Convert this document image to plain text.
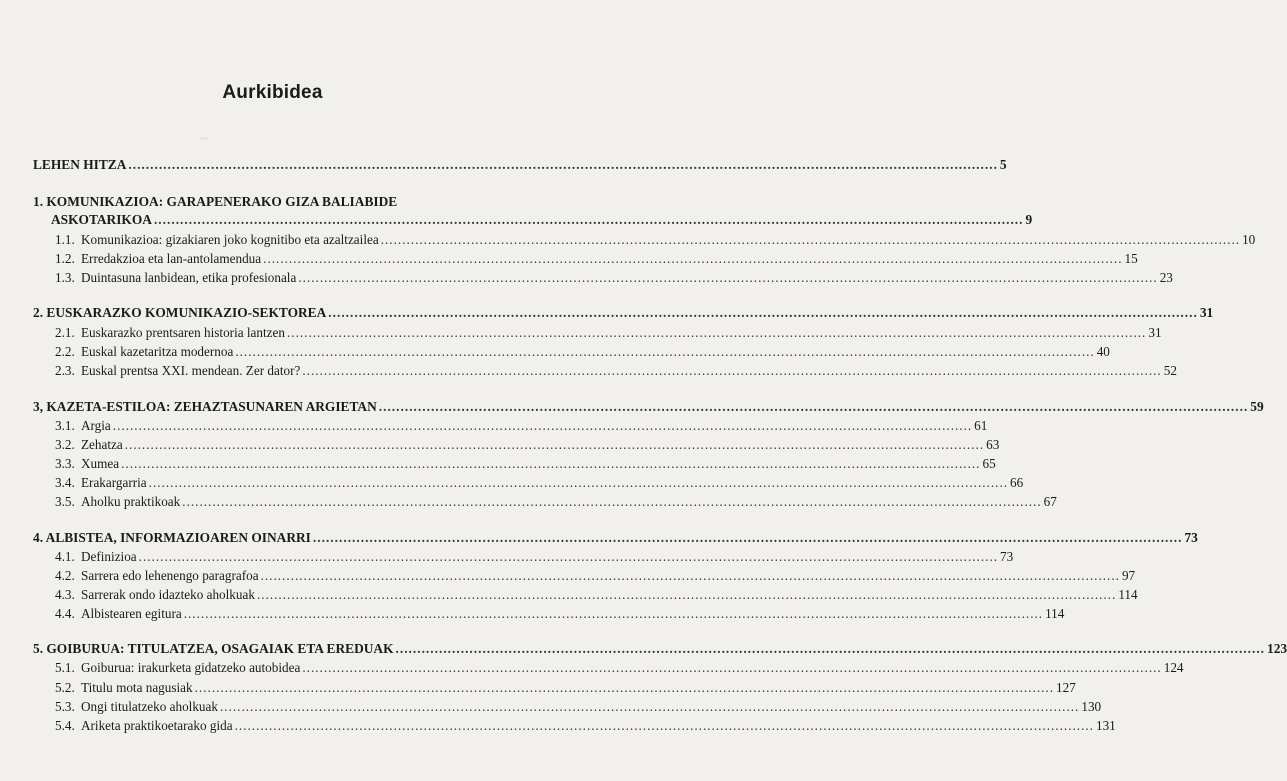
Aurkibidea
~·
LEHEN HITZA ........................................................................................................................................................................................................ 5
1. KOMUNIKAZIOA: GARAPENERAKO GIZA BALIABIDE
ASKOTARIKOA ........................................................................................................................................................................................................ 9
1.1. Komunikazioa: gizakiaren joko kognitibo eta azaltzailea ........................................................................................................................................................................................................ 10
1.2. Erredakzioa eta lan-antolamendua ........................................................................................................................................................................................................ 15
1.3. Duintasuna lanbidean, etika profesionala ........................................................................................................................................................................................................ 23
2. EUSKARAZKO KOMUNIKAZIO-SEKTOREA ........................................................................................................................................................................................................ 31
2.1. Euskarazko prentsaren historia lantzen ........................................................................................................................................................................................................ 31
2.2. Euskal kazetaritza modernoa ........................................................................................................................................................................................................ 40
2.3. Euskal prentsa XXI. mendean. Zer dator? ........................................................................................................................................................................................................ 52
3, KAZETA-ESTILOA: ZEHAZTASUNAREN ARGIETAN ........................................................................................................................................................................................................ 59
3.1. Argia ........................................................................................................................................................................................................ 61
3.2. Zehatza ........................................................................................................................................................................................................ 63
3.3. Xumea ........................................................................................................................................................................................................ 65
3.4. Erakargarria ........................................................................................................................................................................................................ 66
3.5. Aholku praktikoak ........................................................................................................................................................................................................ 67
4. ALBISTEA, INFORMAZIOAREN OINARRI ........................................................................................................................................................................................................ 73
4.1. Definizioa ........................................................................................................................................................................................................ 73
4.2. Sarrera edo lehenengo paragrafoa ........................................................................................................................................................................................................ 97
4.3. Sarrerak ondo idazteko aholkuak ........................................................................................................................................................................................................ 114
4.4. Albistearen egitura ........................................................................................................................................................................................................ 114
5. GOIBURUA: TITULATZEA, OSAGAIAK ETA EREDUAK ........................................................................................................................................................................................................ 123
5.1. Goiburua: irakurketa gidatzeko autobidea ........................................................................................................................................................................................................ 124
5.2. Titulu mota nagusiak ........................................................................................................................................................................................................ 127
5.3. Ongi titulatzeko aholkuak ........................................................................................................................................................................................................ 130
5.4. Ariketa praktikoetarako gida ........................................................................................................................................................................................................ 131
